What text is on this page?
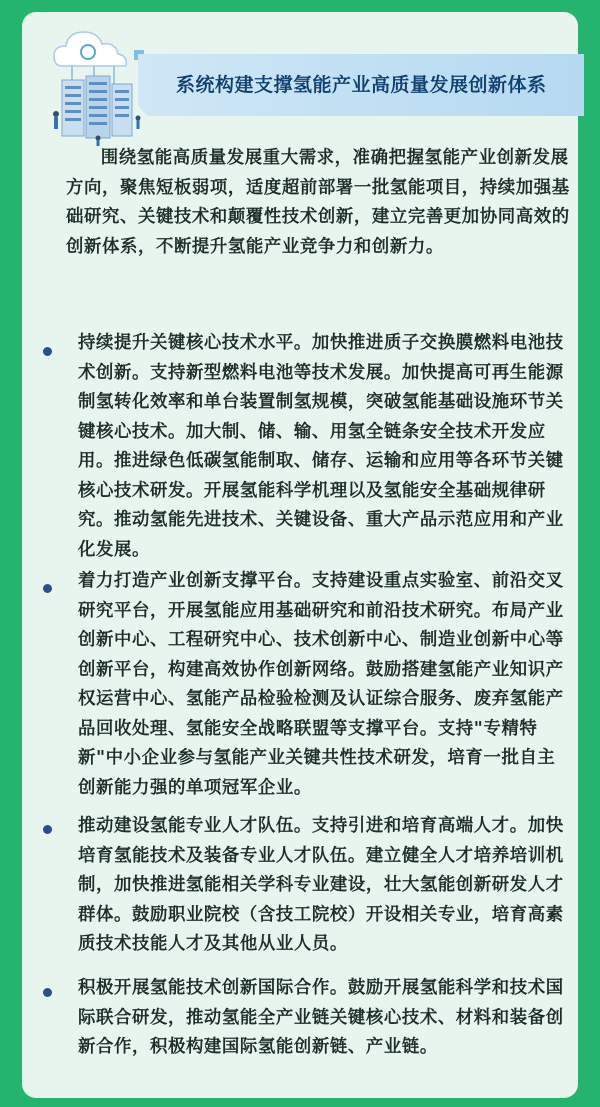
系统构建支撑氢能产业高质量发展创新体系
围绕氢能高质量发展重大需求，准确把握氢能产业创新发展方向，聚焦短板弱项，适度超前部署一批氢能项目，持续加强基础研究、关键技术和颠覆性技术创新，建立完善更加协同高效的创新体系，不断提升氢能产业竞争力和创新力。
持续提升关键核心技术水平。加快推进质子交换膜燃料电池技术创新。支持新型燃料电池等技术发展。加快提高可再生能源制氢转化效率和单台装置制氢规模，突破氢能基础设施环节关键核心技术。加大制、储、输、用氢全链条安全技术开发应用。推进绿色低碳氢能制取、储存、运输和应用等各环节关键核心技术研发。开展氢能科学机理以及氢能安全基础规律研究。推动氢能先进技术、关键设备、重大产品示范应用和产业化发展。
着力打造产业创新支撑平台。支持建设重点实验室、前沿交叉研究平台，开展氢能应用基础研究和前沿技术研究。布局产业创新中心、工程研究中心、技术创新中心、制造业创新中心等创新平台，构建高效协作创新网络。鼓励搭建氢能产业知识产权运营中心、氢能产品检验检测及认证综合服务、废弃氢能产品回收处理、氢能安全战略联盟等支撑平台。支持"专精特新"中小企业参与氢能产业关键共性技术研发，培育一批自主创新能力强的单项冠军企业。
推动建设氢能专业人才队伍。支持引进和培育高端人才。加快培育氢能技术及装备专业人才队伍。建立健全人才培养培训机制，加快推进氢能相关学科专业建设，壮大氢能创新研发人才群体。鼓励职业院校（含技工院校）开设相关专业，培育高素质技术技能人才及其他从业人员。
积极开展氢能技术创新国际合作。鼓励开展氢能科学和技术国际联合研发，推动氢能全产业链关键核心技术、材料和装备创新合作，积极构建国际氢能创新链、产业链。
